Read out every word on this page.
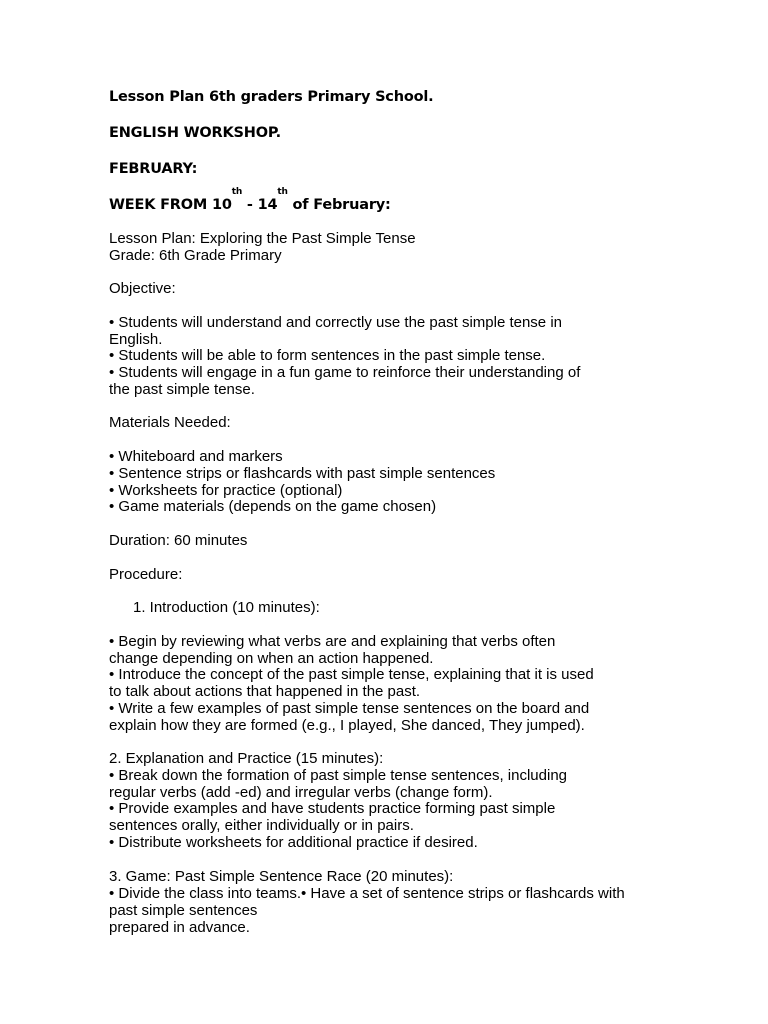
Lesson Plan 6th graders Primary School.
ENGLISH WORKSHOP.
FEBRUARY:
WEEK FROM 10th - 14th of February:
Lesson Plan: Exploring the Past Simple Tense
Grade: 6th Grade Primary
Objective:
• Students will understand and correctly use the past simple tense in
English.
• Students will be able to form sentences in the past simple tense.
• Students will engage in a fun game to reinforce their understanding of
the past simple tense.
Materials Needed:
• Whiteboard and markers
• Sentence strips or flashcards with past simple sentences
• Worksheets for practice (optional)
• Game materials (depends on the game chosen)
Duration: 60 minutes
Procedure:
1. Introduction (10 minutes):
• Begin by reviewing what verbs are and explaining that verbs often
change depending on when an action happened.
• Introduce the concept of the past simple tense, explaining that it is used
to talk about actions that happened in the past.
• Write a few examples of past simple tense sentences on the board and
explain how they are formed (e.g., I played, She danced, They jumped).
2. Explanation and Practice (15 minutes):
• Break down the formation of past simple tense sentences, including
regular verbs (add -ed) and irregular verbs (change form).
• Provide examples and have students practice forming past simple
sentences orally, either individually or in pairs.
• Distribute worksheets for additional practice if desired.
3. Game: Past Simple Sentence Race (20 minutes):
• Divide the class into teams.• Have a set of sentence strips or flashcards with
past simple sentences
prepared in advance.
